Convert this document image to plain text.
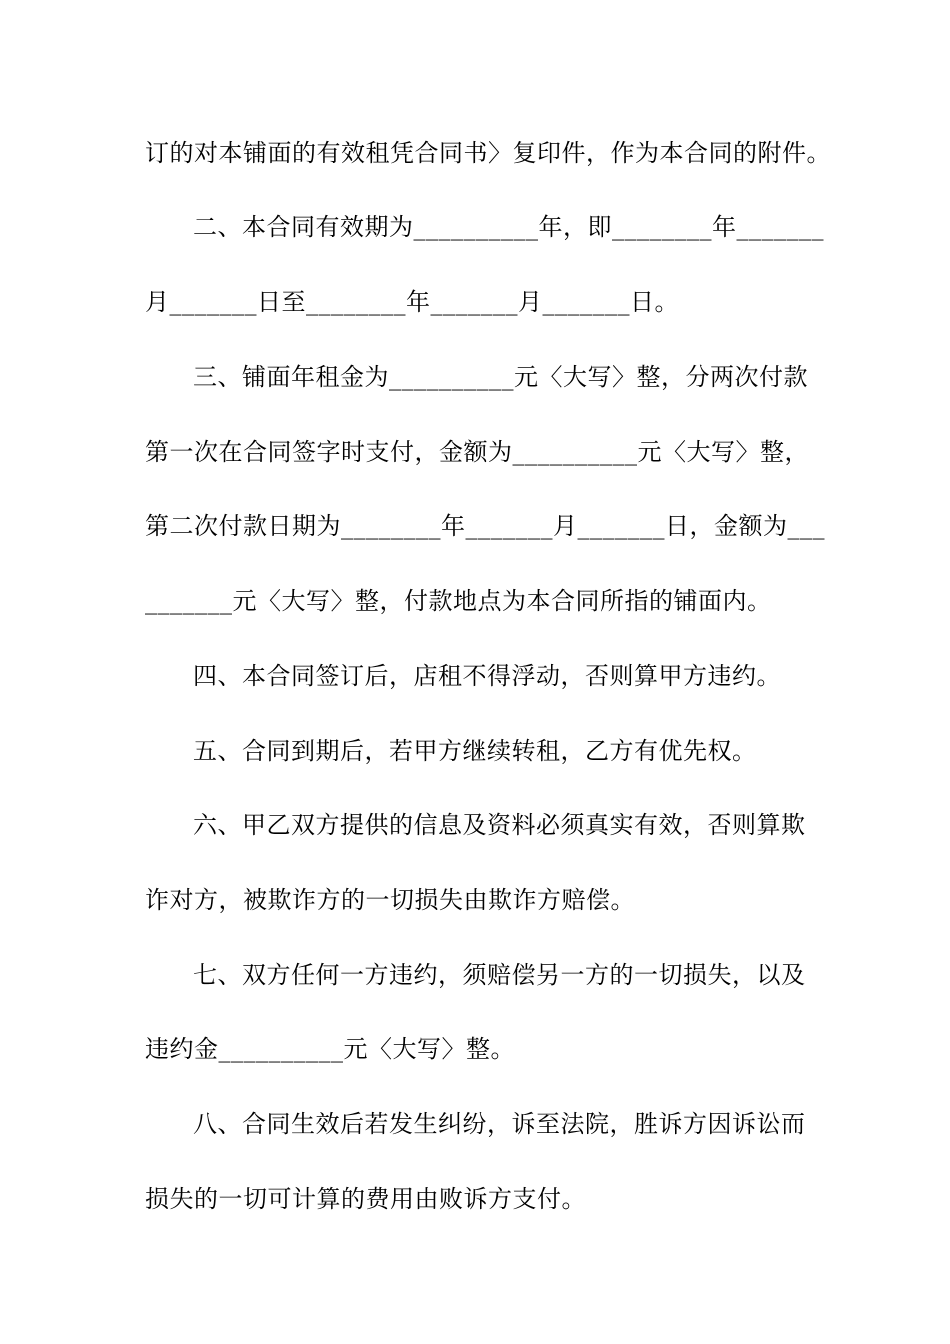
订的对本铺面的有效租凭合同书〉复印件，作为本合同的附件。
二、本合同有效期为__________年，即________年_______
月_______日至________年_______月_______日。
三、铺面年租金为__________元〈大写〉整，分两次付款
第一次在合同签字时支付，金额为__________元〈大写〉整，
第二次付款日期为________年_______月_______日，金额为___
_______元〈大写〉整，付款地点为本合同所指的铺面内。
四、本合同签订后，店租不得浮动，否则算甲方违约。
五、合同到期后，若甲方继续转租，乙方有优先权。
六、甲乙双方提供的信息及资料必须真实有效，否则算欺
诈对方，被欺诈方的一切损失由欺诈方赔偿。
七、双方任何一方违约，须赔偿另一方的一切损失，以及
违约金__________元〈大写〉整。
八、合同生效后若发生纠纷，诉至法院，胜诉方因诉讼而
损失的一切可计算的费用由败诉方支付。
